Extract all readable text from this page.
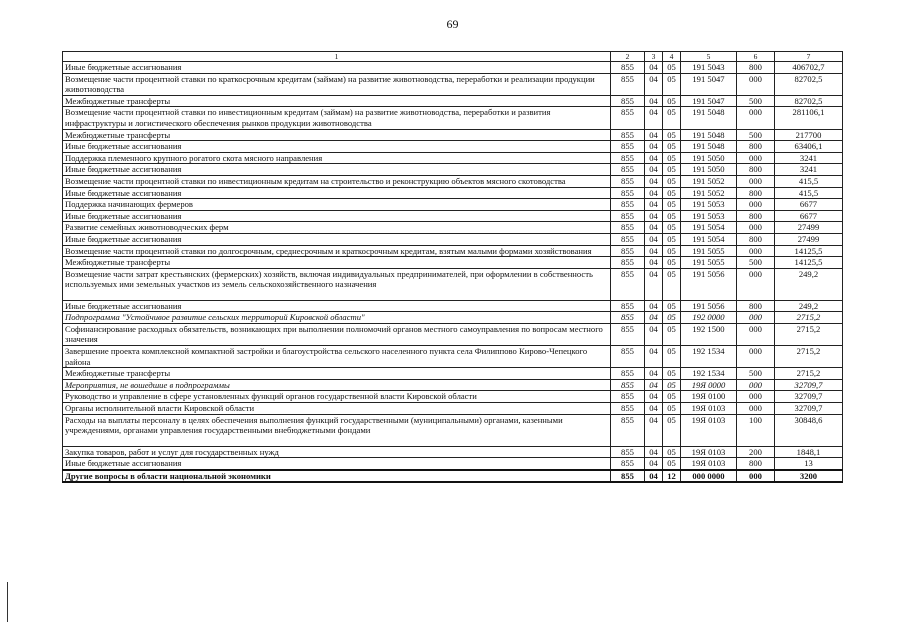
69
1	2	3	4	5	6	7
Иные бюджетные ассигнования	855	04	05	191 5043	800	406702,7
Возмещение части процентной ставки по краткосрочным кредитам (займам) на развитие животноводства, переработки и реализации продукции животноводства	855	04	05	191 5047	000	82702,5
Межбюджетные трансферты	855	04	05	191 5047	500	82702,5
Возмещение части процентной ставки по инвестиционным кредитам (займам) на развитие животноводства, переработки и развития инфраструктуры и логистического обеспечения рынков продукции животноводства	855	04	05	191 5048	000	281106,1
Межбюджетные трансферты	855	04	05	191 5048	500	217700
Иные бюджетные ассигнования	855	04	05	191 5048	800	63406,1
Поддержка племенного крупного рогатого скота мясного направления	855	04	05	191 5050	000	3241
Иные бюджетные ассигнования	855	04	05	191 5050	800	3241
Возмещение части процентной ставки по инвестиционным кредитам на строительство и реконструкцию объектов мясного скотоводства	855	04	05	191 5052	000	415,5
Иные бюджетные ассигнования	855	04	05	191 5052	800	415,5
Поддержка начинающих фермеров	855	04	05	191 5053	000	6677
Иные бюджетные ассигнования	855	04	05	191 5053	800	6677
Развитие семейных животноводческих ферм	855	04	05	191 5054	000	27499
Иные бюджетные ассигнования	855	04	05	191 5054	800	27499
Возмещение части процентной ставки по долгосрочным, среднесрочным и краткосрочным кредитам, взятым малыми формами хозяйствования	855	04	05	191 5055	000	14125,5
Межбюджетные трансферты	855	04	05	191 5055	500	14125,5
Возмещение части затрат крестьянских (фермерских) хозяйств, включая индивидуальных предпринимателей, при оформлении в собственность используемых ими земельных участков из земель сельскохозяйственного назначения	855	04	05	191 5056	000	249,2
Иные бюджетные ассигнования	855	04	05	191 5056	800	249,2
Подпрограмма "Устойчивое развитие сельских территорий Кировской области"	855	04	05	192 0000	000	2715,2
Софинансирование расходных обязательств, возникающих при выполнении полномочий органов местного самоуправления по вопросам местного значения	855	04	05	192 1500	000	2715,2
Завершение проекта комплексной компактной застройки и благоустройства сельского населенного пункта села Филиппово Кирово-Чепецкого района	855	04	05	192 1534	000	2715,2
Межбюджетные трансферты	855	04	05	192 1534	500	2715,2
Мероприятия, не вошедшие в подпрограммы	855	04	05	19Я 0000	000	32709,7
Руководство и управление в сфере установленных функций органов государственной власти Кировской области	855	04	05	19Я 0100	000	32709,7
Органы исполнительной власти Кировской области	855	04	05	19Я 0103	000	32709,7
Расходы на выплаты персоналу в целях обеспечения выполнения функций государственными (муниципальными) органами, казенными учреждениями, органами управления государственными внебюджетными фондами	855	04	05	19Я 0103	100	30848,6
Закупка товаров, работ и услуг для государственных нужд	855	04	05	19Я 0103	200	1848,1
Иные бюджетные ассигнования	855	04	05	19Я 0103	800	13
Другие вопросы в области национальной экономики	855	04	12	000 0000	000	3200
